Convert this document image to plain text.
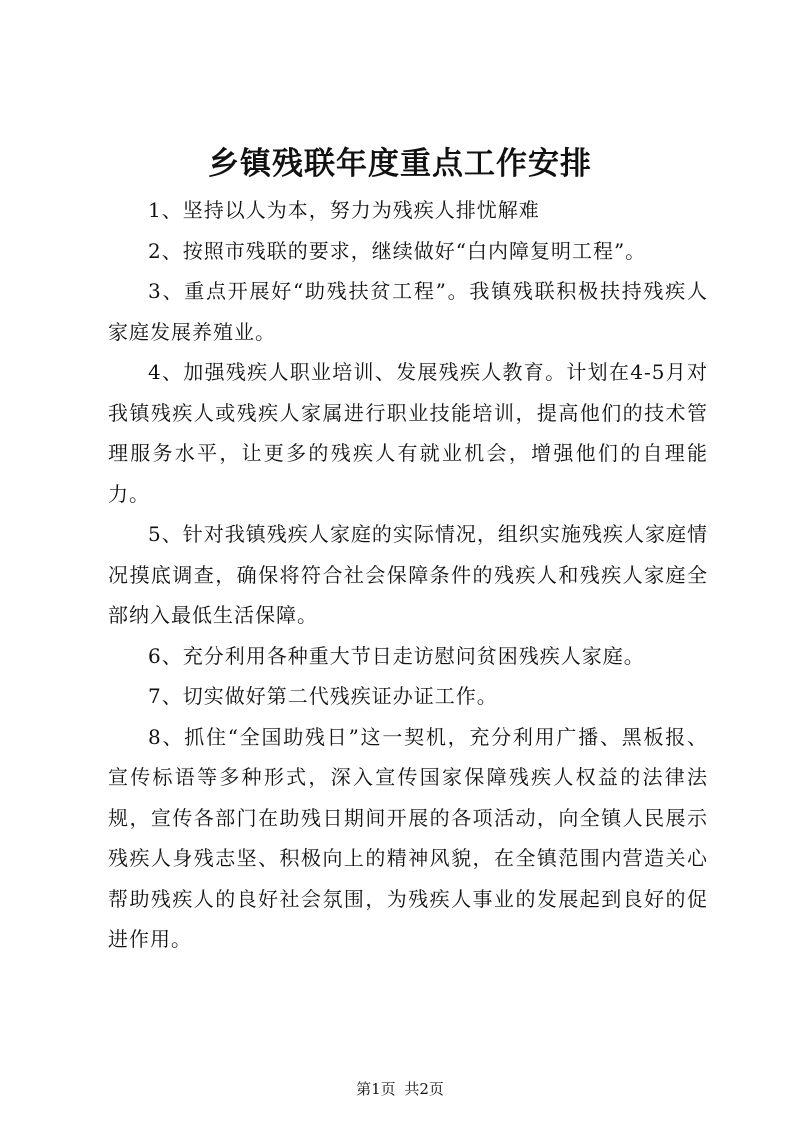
乡镇残联年度重点工作安排

1、坚持以人为本，努力为残疾人排忧解难

2、按照市残联的要求，继续做好“白内障复明工程”。

3、重点开展好“助残扶贫工程”。我镇残联积极扶持残疾人家庭发展养殖业。

4、加强残疾人职业培训、发展残疾人教育。计划在4-5月对我镇残疾人或残疾人家属进行职业技能培训，提高他们的技术管理服务水平，让更多的残疾人有就业机会，增强他们的自理能力。

5、针对我镇残疾人家庭的实际情况，组织实施残疾人家庭情况摸底调查，确保将符合社会保障条件的残疾人和残疾人家庭全部纳入最低生活保障。

6、充分利用各种重大节日走访慰问贫困残疾人家庭。

7、切实做好第二代残疾证办证工作。

8、抓住“全国助残日”这一契机，充分利用广播、黑板报、宣传标语等多种形式，深入宣传国家保障残疾人权益的法律法规，宣传各部门在助残日期间开展的各项活动，向全镇人民展示残疾人身残志坚、积极向上的精神风貌，在全镇范围内营造关心帮助残疾人的良好社会氛围，为残疾人事业的发展起到良好的促进作用。

第1页 共2页
